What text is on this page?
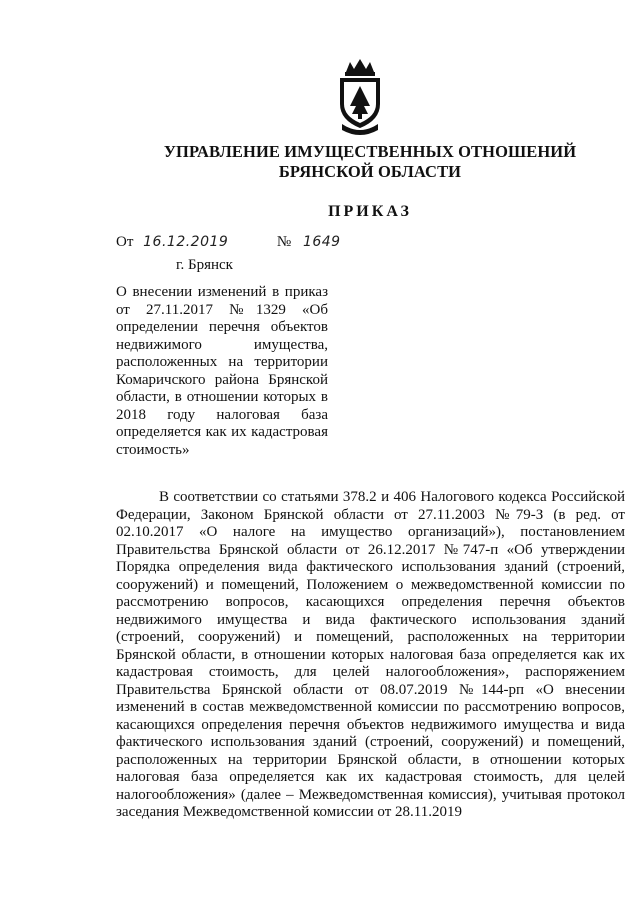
УПРАВЛЕНИЕ ИМУЩЕСТВЕННЫХ ОТНОШЕНИЙ
БРЯНСКОЙ ОБЛАСТИ
ПРИКАЗ
От 16.12.2019	№ 1649
г. Брянск
О внесении изменений в приказ от 27.11.2017 №1329 «Об определении перечня объектов недвижимого имущества, расположенных на территории Комаричского района Брянской области, в отношении которых в 2018 году налоговая база определяется как их кадастровая стоимость»
В соответствии со статьями 378.2 и 406 Налогового кодекса Российской Федерации, Законом Брянской области от 27.11.2003 №79-З (в ред. от 02.10.2017 «О налоге на имущество организаций»), постановлением Правительства Брянской области от 26.12.2017 №747-п «Об утверждении Порядка определения вида фактического использования зданий (строений, сооружений) и помещений, Положением о межведомственной комиссии по рассмотрению вопросов, касающихся определения перечня объектов недвижимого имущества и вида фактического использования зданий (строений, сооружений) и помещений, расположенных на территории Брянской области, в отношении которых налоговая база определяется как их кадастровая стоимость, для целей налогообложения», распоряжением Правительства Брянской области от 08.07.2019 №144-рп «О внесении изменений в состав межведомственной комиссии по рассмотрению вопросов, касающихся определения перечня объектов недвижимого имущества и вида фактического использования зданий (строений, сооружений) и помещений, расположенных на территории Брянской области, в отношении которых налоговая база определяется как их кадастровая стоимость, для целей налогообложения» (далее – Межведомственная комиссия), учитывая протокол заседания Межведомственной комиссии от 28.11.2019
